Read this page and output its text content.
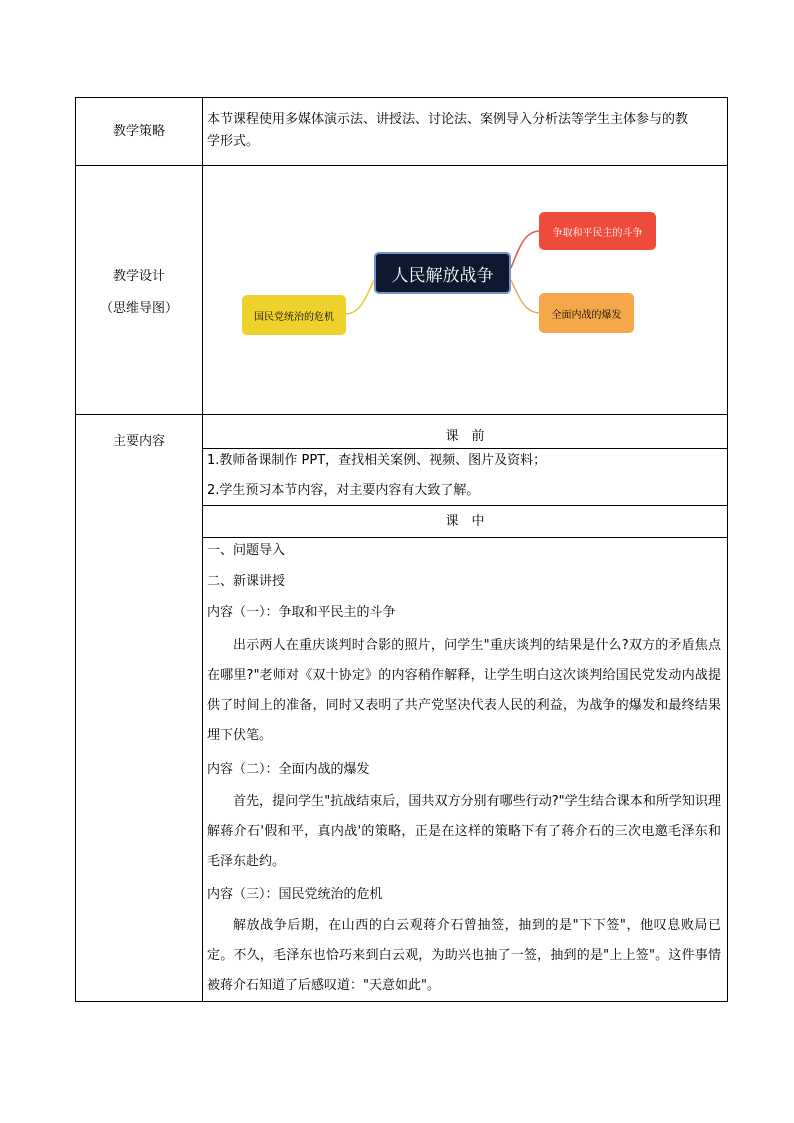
教学策略
本节课程使用多媒体演示法、讲授法、讨论法、案例导入分析法等学生主体参与的教
学形式。
教学设计
（思维导图）
人民解放战争
争取和平民主的斗争
全面内战的爆发
国民党统治的危机
主要内容	课　前
1.教师备课制作 PPT，查找相关案例、视频、图片及资料；
2.学生预习本节内容，对主要内容有大致了解。
课　中
一、问题导入
二、新课讲授
内容（一）：争取和平民主的斗争
出示两人在重庆谈判时合影的照片，问学生"重庆谈判的结果是什么?双方的矛盾焦点在哪里?"老师对《双十协定》的内容稍作解释，让学生明白这次谈判给国民党发动内战提供了时间上的准备，同时又表明了共产党坚决代表人民的利益，为战争的爆发和最终结果埋下伏笔。
内容（二）：全面内战的爆发
首先，提问学生"抗战结束后，国共双方分别有哪些行动?"学生结合课本和所学知识理解蒋介石'假和平，真内战'的策略，正是在这样的策略下有了蒋介石的三次电邀毛泽东和毛泽东赴约。
内容（三）：国民党统治的危机
解放战争后期，在山西的白云观蒋介石曾抽签，抽到的是"下下签"，他叹息败局已定。不久，毛泽东也恰巧来到白云观，为助兴也抽了一签，抽到的是"上上签"。这件事情被蒋介石知道了后感叹道："天意如此"。
